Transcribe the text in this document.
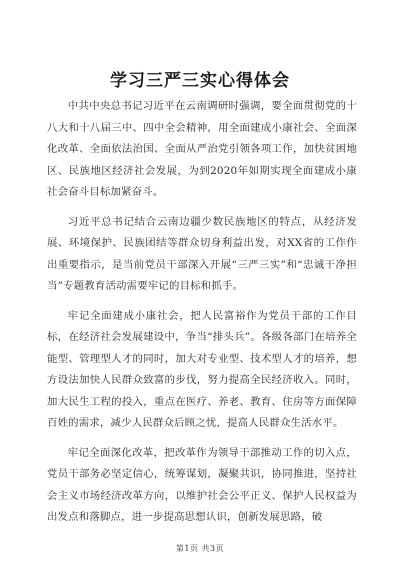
学习三严三实心得体会

中共中央总书记习近平在云南调研时强调，要全面贯彻党的十八大和十八届三中、四中全会精神，用全面建成小康社会、全面深化改革、全面依法治国、全面从严治党引领各项工作，加快贫困地区、民族地区经济社会发展，为到2020年如期实现全面建成小康社会奋斗目标加紧奋斗。

习近平总书记结合云南边疆少数民族地区的特点，从经济发展、环境保护、民族团结等群众切身利益出发，对XX省的工作作出重要指示，是当前党员干部深入开展“三严三实”和“忠诚干净担当”专题教育活动需要牢记的目标和抓手。

牢记全面建成小康社会，把人民富裕作为党员干部的工作目标，在经济社会发展建设中，争当“排头兵”。各级各部门在培养全能型、管理型人才的同时，加大对专业型、技术型人才的培养，想方设法加快人民群众致富的步伐，努力提高全民经济收入。同时，加大民生工程的投入，重点在医疗、养老、教育、住房等方面保障百姓的需求，减少人民群众后顾之忧，提高人民群众生活水平。

牢记全面深化改革，把改革作为领导干部推动工作的切入点，党员干部务必坚定信心，统筹谋划，凝聚共识，协同推进，坚持社会主义市场经济改革方向，以维护社会公平正义、保护人民权益为出发点和落脚点，进一步提高思想认识，创新发展思路，破

第1页 共3页
